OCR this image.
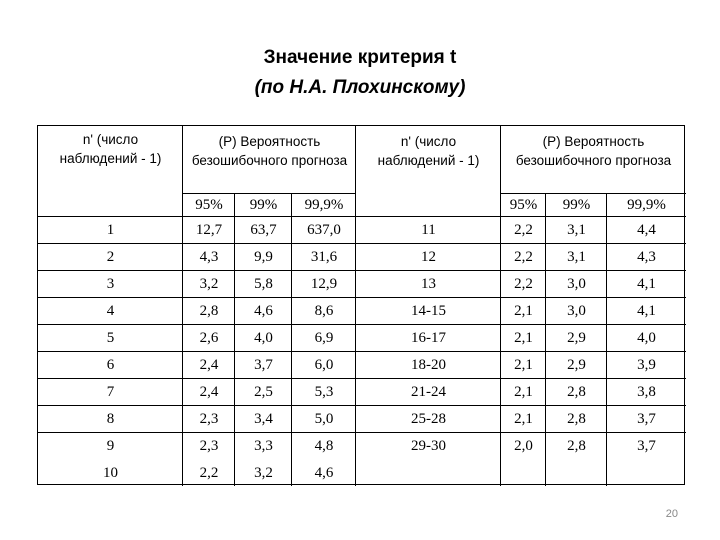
Значение критерия t
(по Н.А. Плохинскому)
n' (число наблюдений - 1)
(Р) Вероятность безошибочного прогноза
n' (число наблюдений - 1)
(Р) Вероятность безошибочного прогноза
95%	99%	99,9%	95%	99%	99,9%
1	12,7	63,7	637,0	11	2,2	3,1	4,4
2	4,3	9,9	31,6	12	2,2	3,1	4,3
3	3,2	5,8	12,9	13	2,2	3,0	4,1
4	2,8	4,6	8,6	14-15	2,1	3,0	4,1
5	2,6	4,0	6,9	16-17	2,1	2,9	4,0
6	2,4	3,7	6,0	18-20	2,1	2,9	3,9
7	2,4	2,5	5,3	21-24	2,1	2,8	3,8
8	2,3	3,4	5,0	25-28	2,1	2,8	3,7
9	2,3	3,3	4,8	29-30	2,0	2,8	3,7
10	2,2	3,2	4,6
20
